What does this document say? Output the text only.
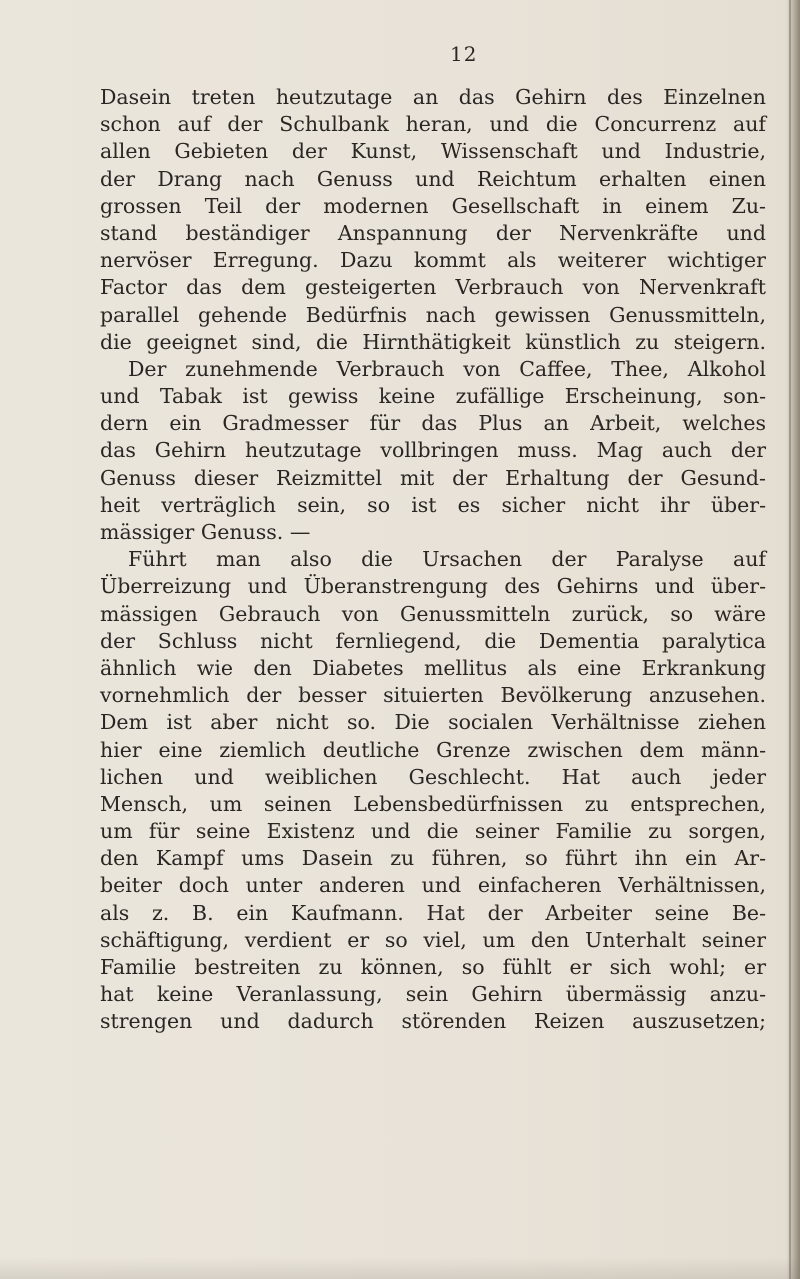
12
Dasein treten heutzutage an das Gehirn des Einzelnen
schon auf der Schulbank heran, und die Concurrenz auf
allen Gebieten der Kunst, Wissenschaft und Industrie,
der Drang nach Genuss und Reichtum erhalten einen
grossen Teil der modernen Gesellschaft in einem Zu-
stand beständiger Anspannung der Nervenkräfte und
nervöser Erregung. Dazu kommt als weiterer wichtiger
Factor das dem gesteigerten Verbrauch von Nervenkraft
parallel gehende Bedürfnis nach gewissen Genussmitteln,
die geeignet sind, die Hirnthätigkeit künstlich zu steigern.
Der zunehmende Verbrauch von Caffee, Thee, Alkohol
und Tabak ist gewiss keine zufällige Erscheinung, son-
dern ein Gradmesser für das Plus an Arbeit, welches
das Gehirn heutzutage vollbringen muss. Mag auch der
Genuss dieser Reizmittel mit der Erhaltung der Gesund-
heit verträglich sein, so ist es sicher nicht ihr über-
mässiger Genuss. —
Führt man also die Ursachen der Paralyse auf
Überreizung und Überanstrengung des Gehirns und über-
mässigen Gebrauch von Genussmitteln zurück, so wäre
der Schluss nicht fernliegend, die Dementia paralytica
ähnlich wie den Diabetes mellitus als eine Erkrankung
vornehmlich der besser situierten Bevölkerung anzusehen.
Dem ist aber nicht so. Die socialen Verhältnisse ziehen
hier eine ziemlich deutliche Grenze zwischen dem männ-
lichen und weiblichen Geschlecht. Hat auch jeder
Mensch, um seinen Lebensbedürfnissen zu entsprechen,
um für seine Existenz und die seiner Familie zu sorgen,
den Kampf ums Dasein zu führen, so führt ihn ein Ar-
beiter doch unter anderen und einfacheren Verhältnissen,
als z. B. ein Kaufmann. Hat der Arbeiter seine Be-
schäftigung, verdient er so viel, um den Unterhalt seiner
Familie bestreiten zu können, so fühlt er sich wohl; er
hat keine Veranlassung, sein Gehirn übermässig anzu-
strengen und dadurch störenden Reizen auszusetzen;
